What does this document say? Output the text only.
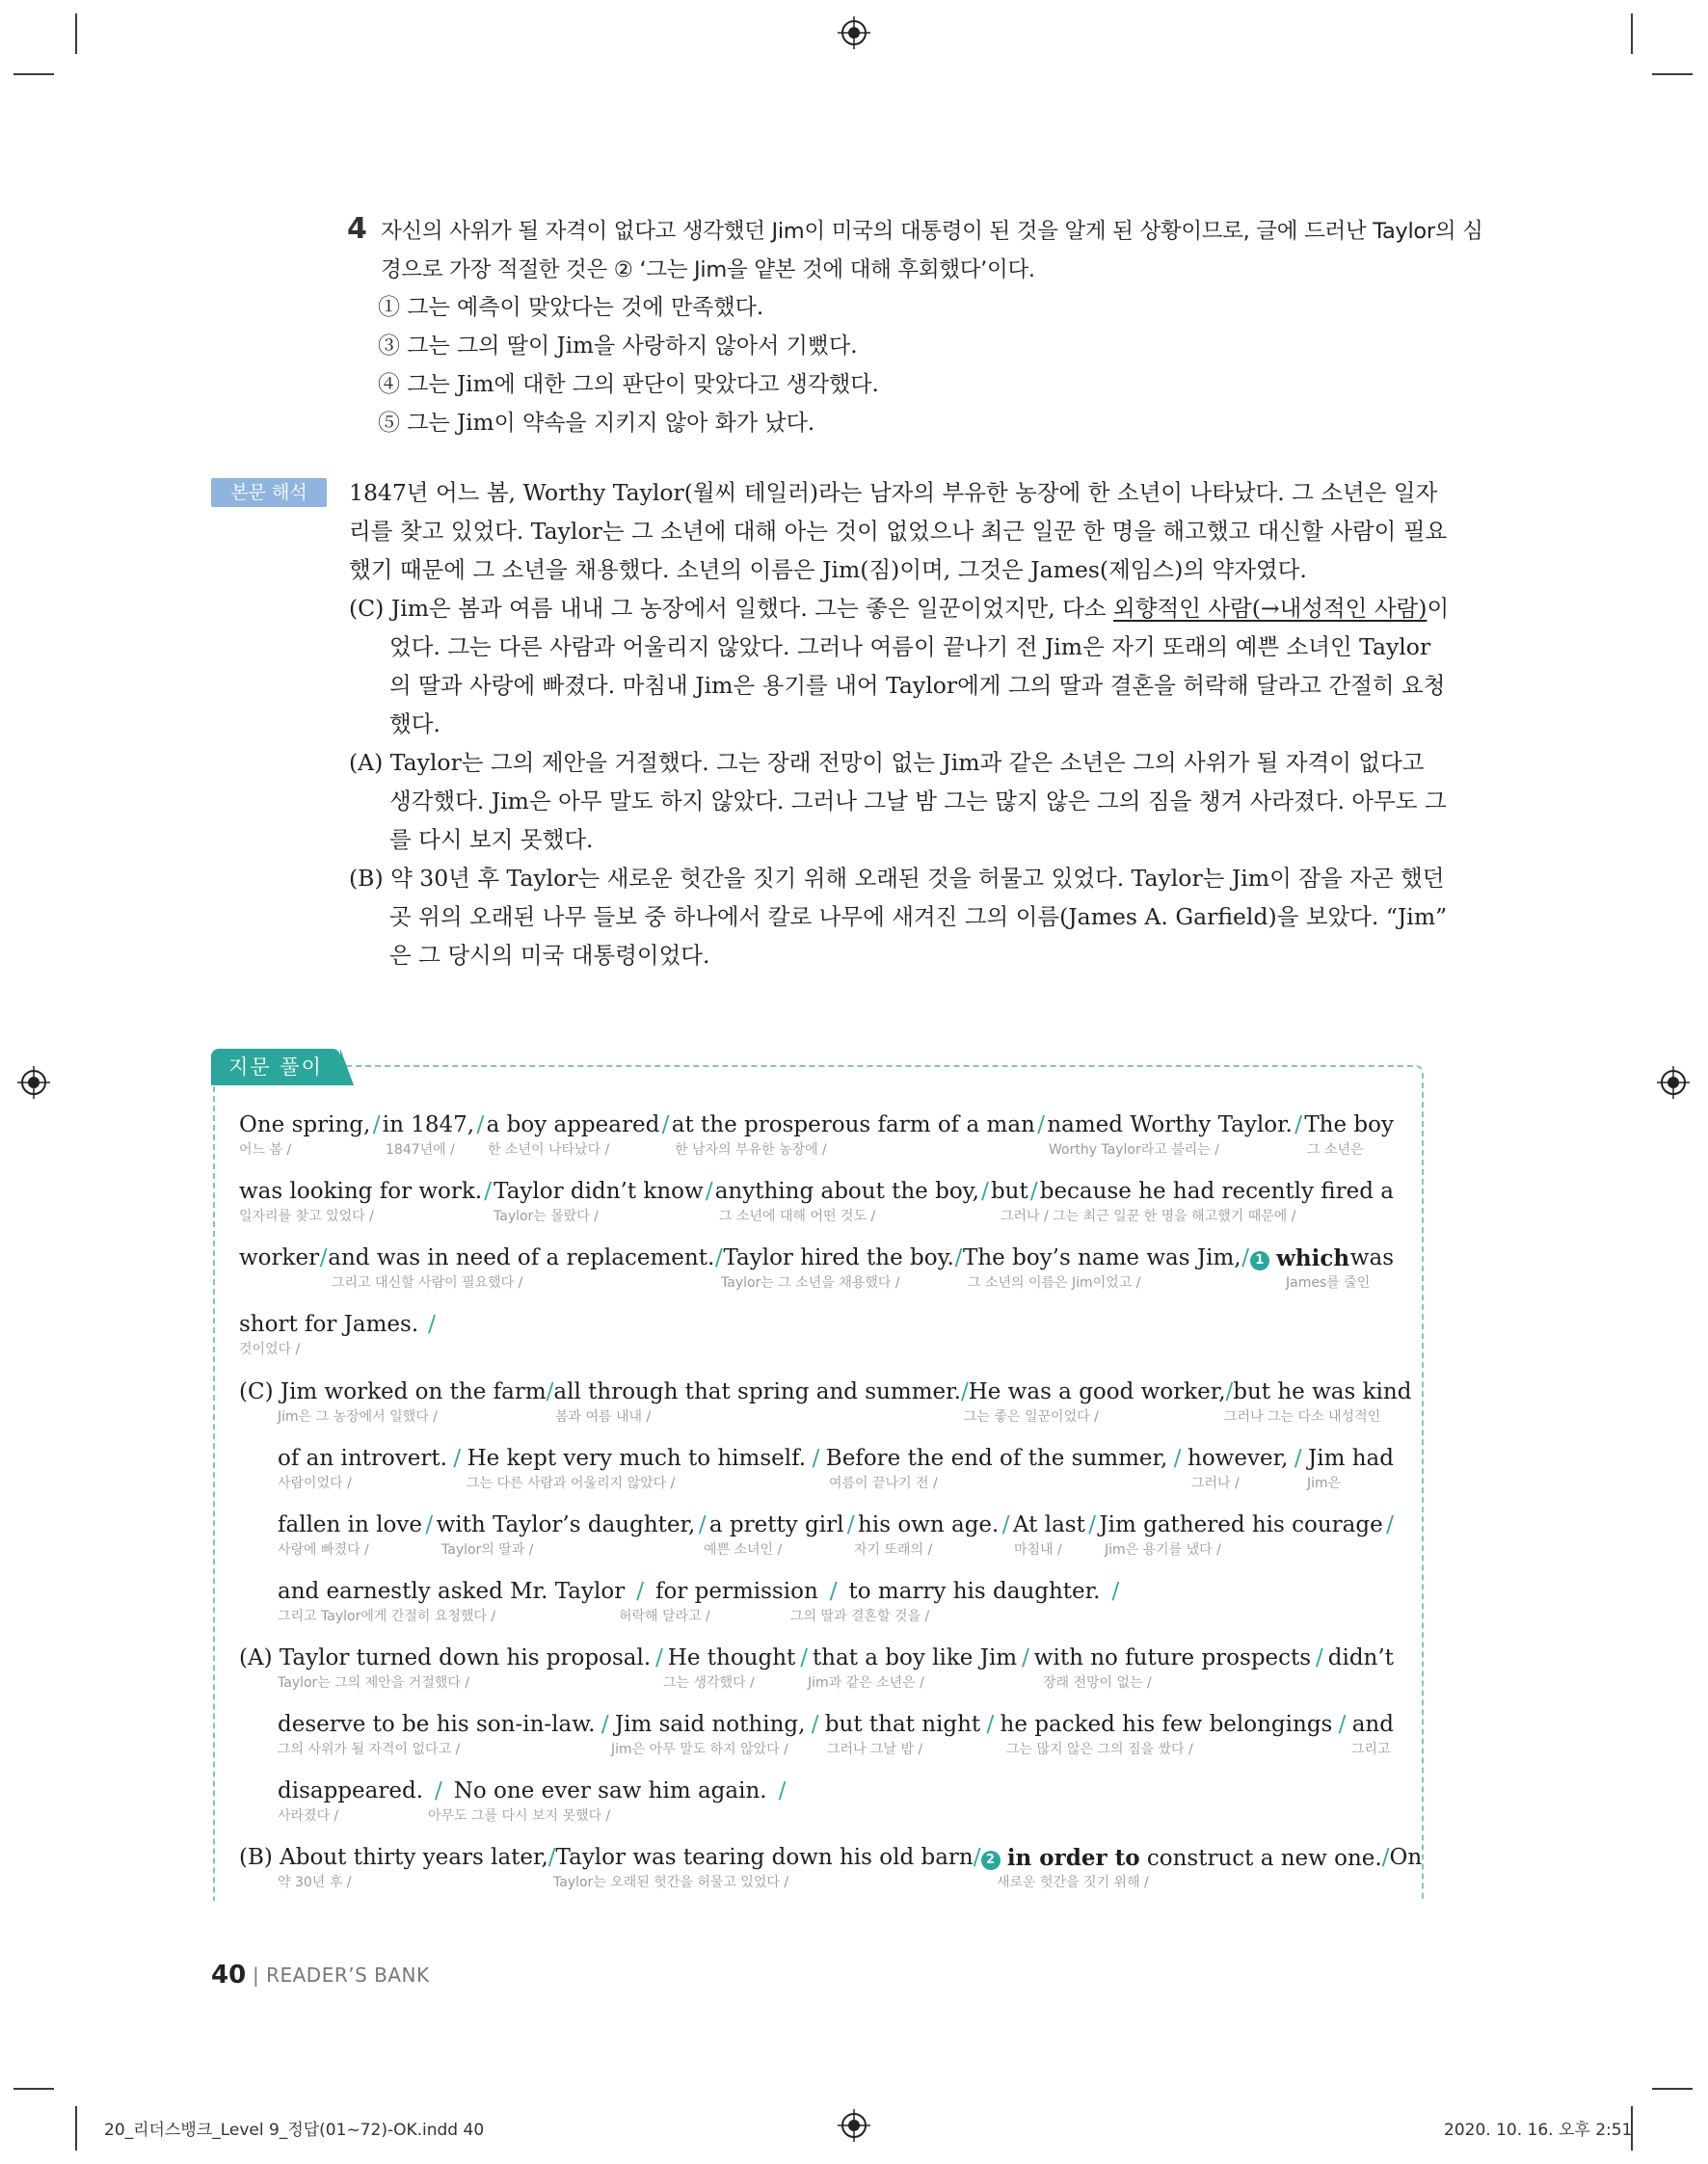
4 자신의 사위가 될 자격이 없다고 생각했던 Jim이 미국의 대통령이 된 것을 알게 된 상황이므로, 글에 드러난 Taylor의 심
경으로 가장 적절한 것은 ② ‘그는 Jim을 얕본 것에 대해 후회했다’이다.
① 그는 예측이 맞았다는 것에 만족했다.
③ 그는 그의 딸이 Jim을 사랑하지 않아서 기뻤다.
④ 그는 Jim에 대한 그의 판단이 맞았다고 생각했다.
⑤ 그는 Jim이 약속을 지키지 않아 화가 났다.
본문 해석	1847년 어느 봄, Worthy Taylor(월씨 테일러)라는 남자의 부유한 농장에 한 소년이 나타났다. 그 소년은 일자
리를 찾고 있었다. Taylor는 그 소년에 대해 아는 것이 없었으나 최근 일꾼 한 명을 해고했고 대신할 사람이 필요
했기 때문에 그 소년을 채용했다. 소년의 이름은 Jim(짐)이며, 그것은 James(제임스)의 약자였다.
(C) Jim은 봄과 여름 내내 그 농장에서 일했다. 그는 좋은 일꾼이었지만, 다소 외향적인 사람(→내성적인 사람)이
었다. 그는 다른 사람과 어울리지 않았다. 그러나 여름이 끝나기 전 Jim은 자기 또래의 예쁜 소녀인 Taylor
의 딸과 사랑에 빠졌다. 마침내 Jim은 용기를 내어 Taylor에게 그의 딸과 결혼을 허락해 달라고 간절히 요청
했다.
(A) Taylor는 그의 제안을 거절했다. 그는 장래 전망이 없는 Jim과 같은 소년은 그의 사위가 될 자격이 없다고
생각했다. Jim은 아무 말도 하지 않았다. 그러나 그날 밤 그는 많지 않은 그의 짐을 챙겨 사라졌다. 아무도 그
를 다시 보지 못했다.
(B) 약 30년 후 Taylor는 새로운 헛간을 짓기 위해 오래된 것을 허물고 있었다. Taylor는 Jim이 잠을 자곤 했던
곳 위의 오래된 나무 들보 중 하나에서 칼로 나무에 새겨진 그의 이름(James A. Garfield)을 보았다. “Jim”
은 그 당시의 미국 대통령이었다.
지문 풀이
One spring, / in 1847, / a boy appeared / at the prosperous farm of a man / named Worthy Taylor. / The boy
어느 봄 /	1847년에 / 한 소년이 나타났다 /	한 남자의 부유한 농장에 /	Worthy Taylor라고 불리는 /	그 소년은
was looking for work. / Taylor didn’t know / anything about the boy, / but / because he had recently fired a
일자리를 찾고 있었다 /	Taylor는 몰랐다 /	그 소년에 대해 어떤 것도 /	그러나 / 그는 최근 일꾼 한 명을 해고했기 때문에 /
worker / and was in need of a replacement. / Taylor hired the boy. / The boy’s name was Jim, / 1 which was
그리고 대신할 사람이 필요했다 /	Taylor는 그 소년을 채용했다 /	그 소년의 이름은 Jim이었고 /	James를 줄인
short for James. /
것이었다 /
(C) Jim worked on the farm / all through that spring and summer. / He was a good worker, / but he was kind
Jim은 그 농장에서 일했다 /	봄과 여름 내내 /	그는 좋은 일꾼이었다 /	그러나 그는 다소 내성적인
of an introvert. / He kept very much to himself. / Before the end of the summer, / however, / Jim had
사람이었다 /	그는 다른 사람과 어울리지 않았다 /	여름이 끝나기 전 /	그러나 /	Jim은
fallen in love / with Taylor’s daughter, / a pretty girl / his own age. / At last / Jim gathered his courage /
사랑에 빠졌다 /	Taylor의 딸과 /	예쁜 소녀인 /	자기 또래의 /	마침내 /	Jim은 용기를 냈다 /
and earnestly asked Mr. Taylor / for permission / to marry his daughter. /
그리고 Taylor에게 간절히 요청했다 /	허락해 달라고 /	그의 딸과 결혼할 것을 /
(A) Taylor turned down his proposal. / He thought / that a boy like Jim / with no future prospects / didn’t
Taylor는 그의 제안을 거절했다 /	그는 생각했다 /	Jim과 같은 소년은 /	장래 전망이 없는 /
deserve to be his son-in-law. / Jim said nothing, / but that night / he packed his few belongings / and
그의 사위가 될 자격이 없다고 /	Jim은 아무 말도 하지 않았다 /	그러나 그날 밤 /	그는 많지 않은 그의 짐을 쌌다 /	그리고
disappeared. / No one ever saw him again. /
사라졌다 /	아무도 그를 다시 보지 못했다 /
(B) About thirty years later, / Taylor was tearing down his old barn / 2 in order to construct a new one. / On
약 30년 후 /	Taylor는 오래된 헛간을 허물고 있었다 /	새로운 헛간을 짓기 위해 /
40 | READER’S BANK
20_리더스뱅크_Level 9_정답(01~72)-OK.indd 40	2020. 10. 16. 오후 2:51
